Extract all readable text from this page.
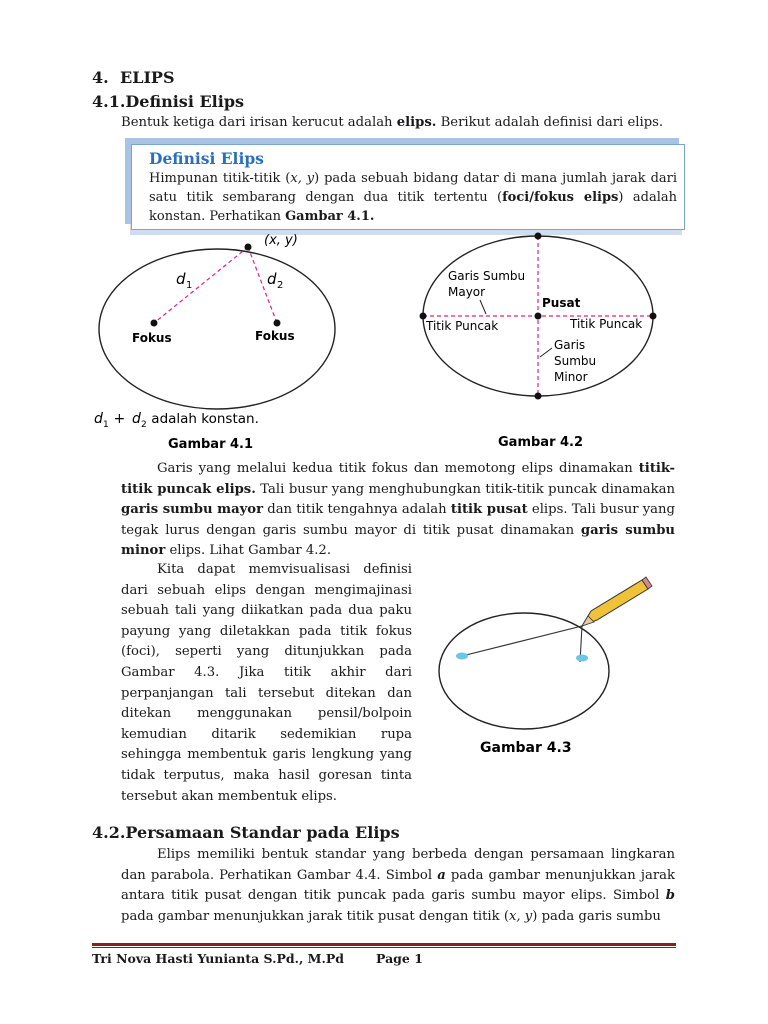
4. ELIPS
4.1.Definisi Elips
Bentuk ketiga dari irisan kerucut adalah elips. Berikut adalah definisi dari elips.
Definisi Elips
Himpunan titik-titik (x, y) pada sebuah bidang datar di mana jumlah jarak dari satu titik sembarang dengan dua titik tertentu (foci/fokus elips) adalah konstan. Perhatikan Gambar 4.1.
(x, y)
d 1	d 2
Fokus	Fokus
d 1 + d 2 adalah konstan.
Gambar 4.1
Garis Sumbu
Mayor
Pusat
Titik Puncak	Titik Puncak
Garis
Sumbu
Minor
Gambar 4.2
Garis yang melalui kedua titik fokus dan memotong elips dinamakan titik-titik puncak elips. Tali busur yang menghubungkan titik-titik puncak dinamakan garis sumbu mayor dan titik tengahnya adalah titik pusat elips. Tali busur yang tegak lurus dengan garis sumbu mayor di titik pusat dinamakan garis sumbu minor elips. Lihat Gambar 4.2.
Kita dapat memvisualisasi definisi dari sebuah elips dengan mengimajinasi sebuah tali yang diikatkan pada dua paku payung yang diletakkan pada titik fokus (foci), seperti yang ditunjukkan pada Gambar 4.3. Jika titik akhir dari perpanjangan tali tersebut ditekan dan ditekan menggunakan pensil/bolpoin kemudian ditarik sedemikian rupa sehingga membentuk garis lengkung yang tidak terputus, maka hasil goresan tinta tersebut akan membentuk elips.
Gambar 4.3
4.2.Persamaan Standar pada Elips
Elips memiliki bentuk standar yang berbeda dengan persamaan lingkaran dan parabola. Perhatikan Gambar 4.4. Simbol a pada gambar menunjukkan jarak antara titik pusat dengan titik puncak pada garis sumbu mayor elips. Simbol b pada gambar menunjukkan jarak titik pusat dengan titik (x, y) pada garis sumbu
Tri Nova Hasti Yunianta S.Pd., M.Pd	Page 1
